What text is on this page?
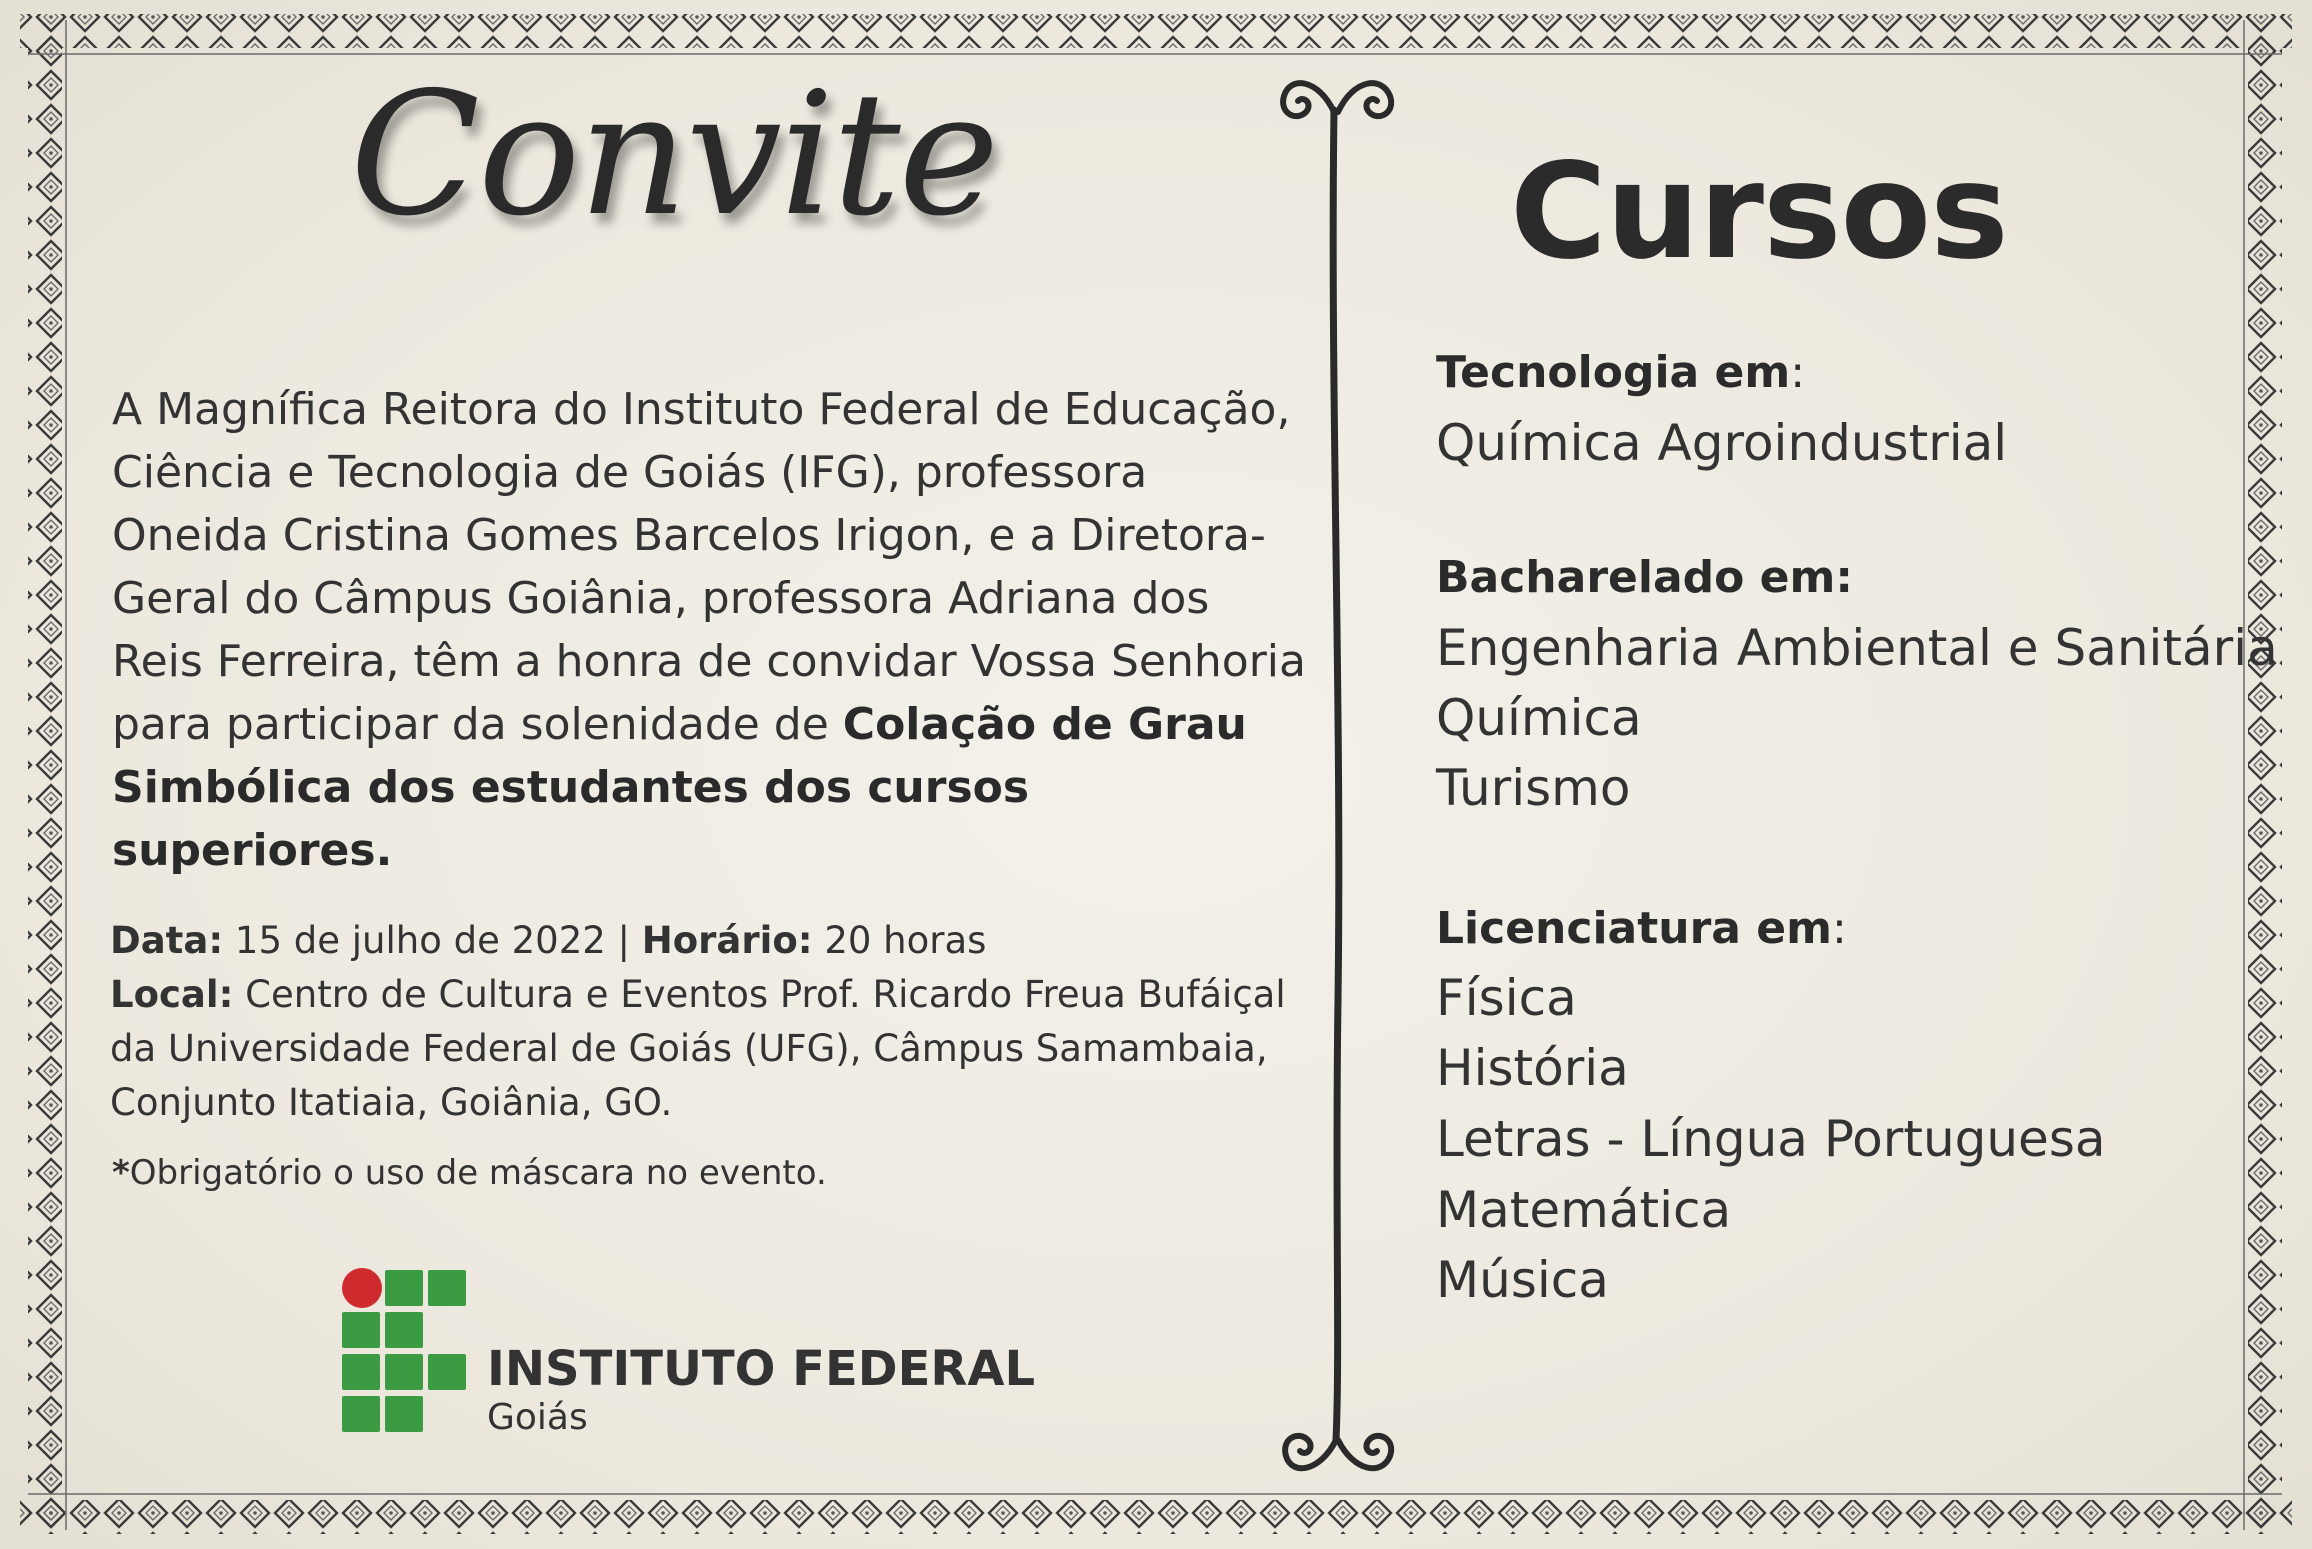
Convite
A Magnífica Reitora do Instituto Federal de Educação, Ciência e Tecnologia de Goiás (IFG), professora Oneida Cristina Gomes Barcelos Irigon, e a Diretora-Geral do Câmpus Goiânia, professora Adriana dos Reis Ferreira, têm a honra de convidar Vossa Senhoria para participar da solenidade de Colação de Grau Simbólica dos estudantes dos cursos superiores.
Data: 15 de julho de 2022 | Horário: 20 horas
Local: Centro de Cultura e Eventos Prof. Ricardo Freua Bufáiçal
da Universidade Federal de Goiás (UFG), Câmpus Samambaia,
Conjunto Itatiaia, Goiânia, GO.
*Obrigatório o uso de máscara no evento.
INSTITUTO FEDERAL
Goiás
Cursos
Tecnologia em:
Química Agroindustrial
Bacharelado em:
Engenharia Ambiental e Sanitária
Química
Turismo
Licenciatura em:
Física
História
Letras - Língua Portuguesa
Matemática
Música
